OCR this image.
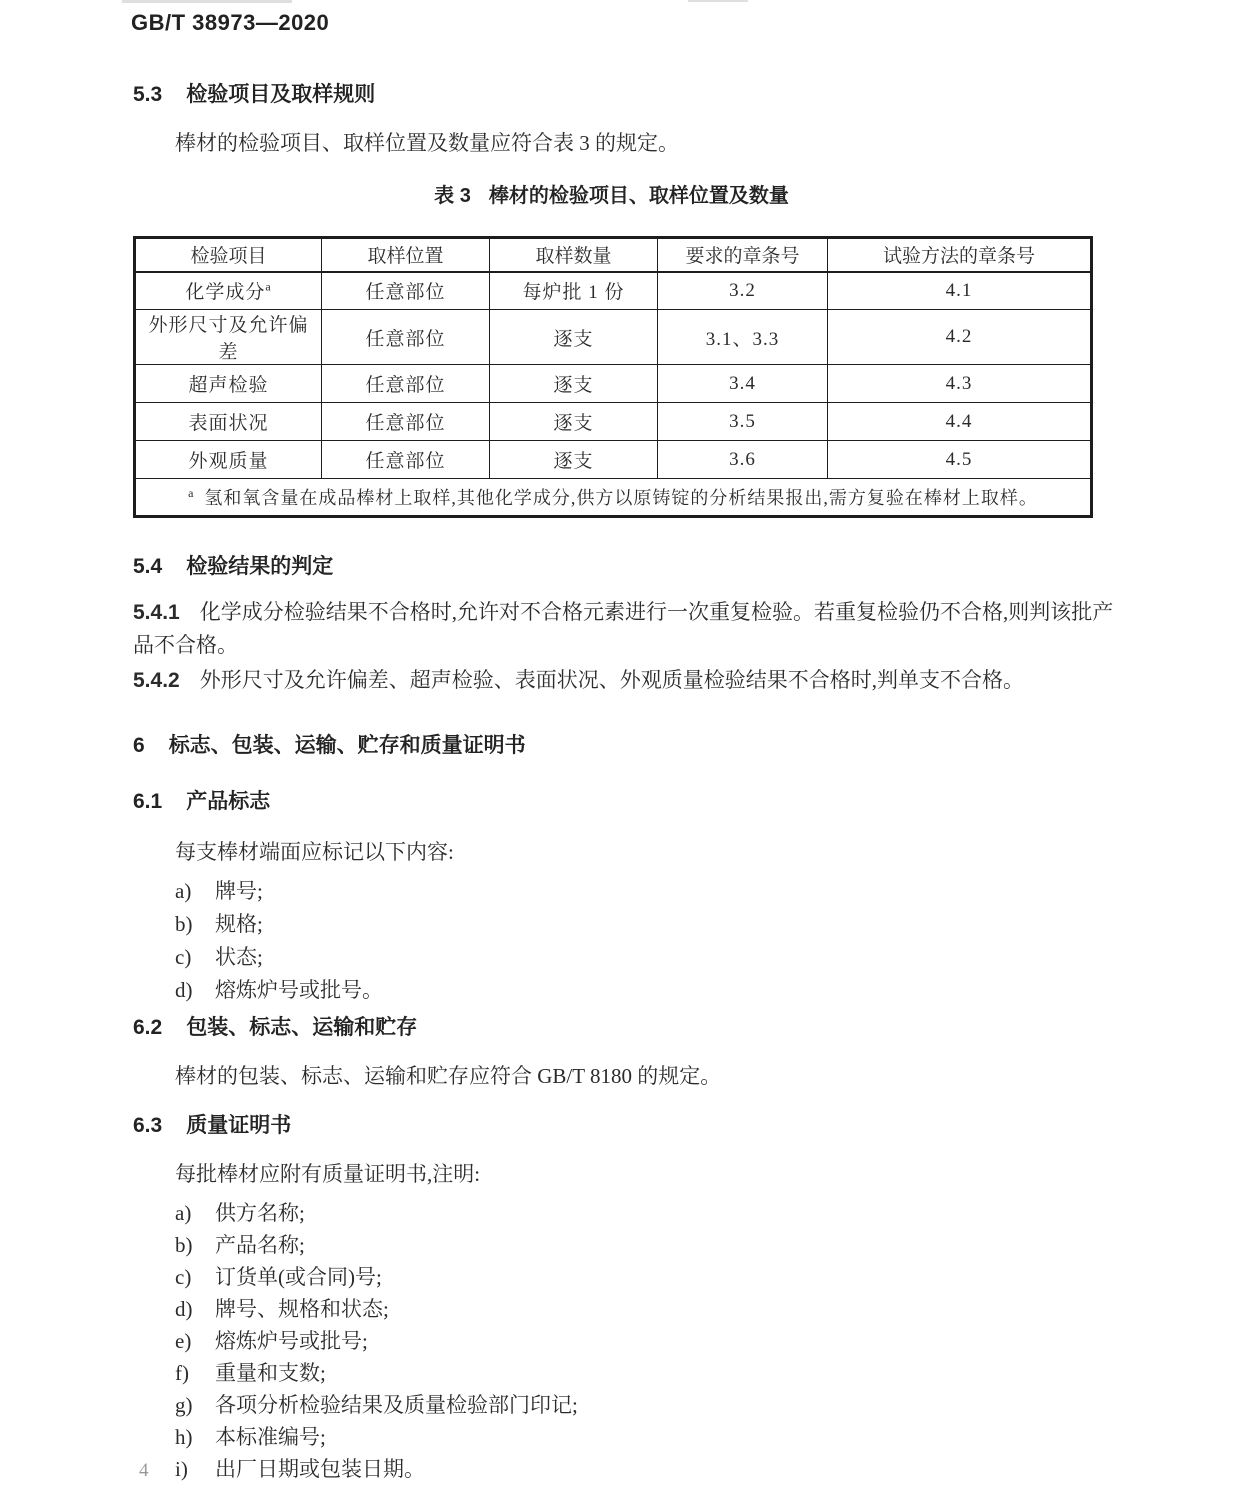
GB/T 38973—2020
5.3 检验项目及取样规则

棒材的检验项目、取样位置及数量应符合表 3 的规定。

表 3 棒材的检验项目、取样位置及数量
检验项目	取样位置	取样数量	要求的章条号	试验方法的章条号
化学成分$^a$	任意部位	每炉批 1 份	3.2	4.1
外形尺寸及允许偏差	任意部位	逐支	3.1、3.3	4.2
超声检验	任意部位	逐支	3.4	4.3
表面状况	任意部位	逐支	3.5	4.4
外观质量	任意部位	逐支	3.6	4.5
$^a$ 氢和氧含量在成品棒材上取样,其他化学成分,供方以原铸锭的分析结果报出,需方复验在棒材上取样。				
5.4 检验结果的判定

5.4.1 化学成分检验结果不合格时,允许对不合格元素进行一次重复检验。若重复检验仍不合格,则判该批产品不合格。

5.4.2 外形尺寸及允许偏差、超声检验、表面状况、外观质量检验结果不合格时,判单支不合格。

6 标志、包装、运输、贮存和质量证明书
6.1 产品标志

每支棒材端面应标记以下内容:

a) 牌号;
b) 规格;
c) 状态;
d) 熔炼炉号或批号。
6.2 包装、标志、运输和贮存

棒材的包装、标志、运输和贮存应符合 GB/T 8180 的规定。

6.3 质量证明书

每批棒材应附有质量证明书,注明:

a) 供方名称;
b) 产品名称;
c) 订货单(或合同)号;
d) 牌号、规格和状态;
e) 熔炼炉号或批号;
f) 重量和支数;
g) 各项分析检验结果及质量检验部门印记;
h) 本标准编号;
i) 出厂日期或包装日期。
4
